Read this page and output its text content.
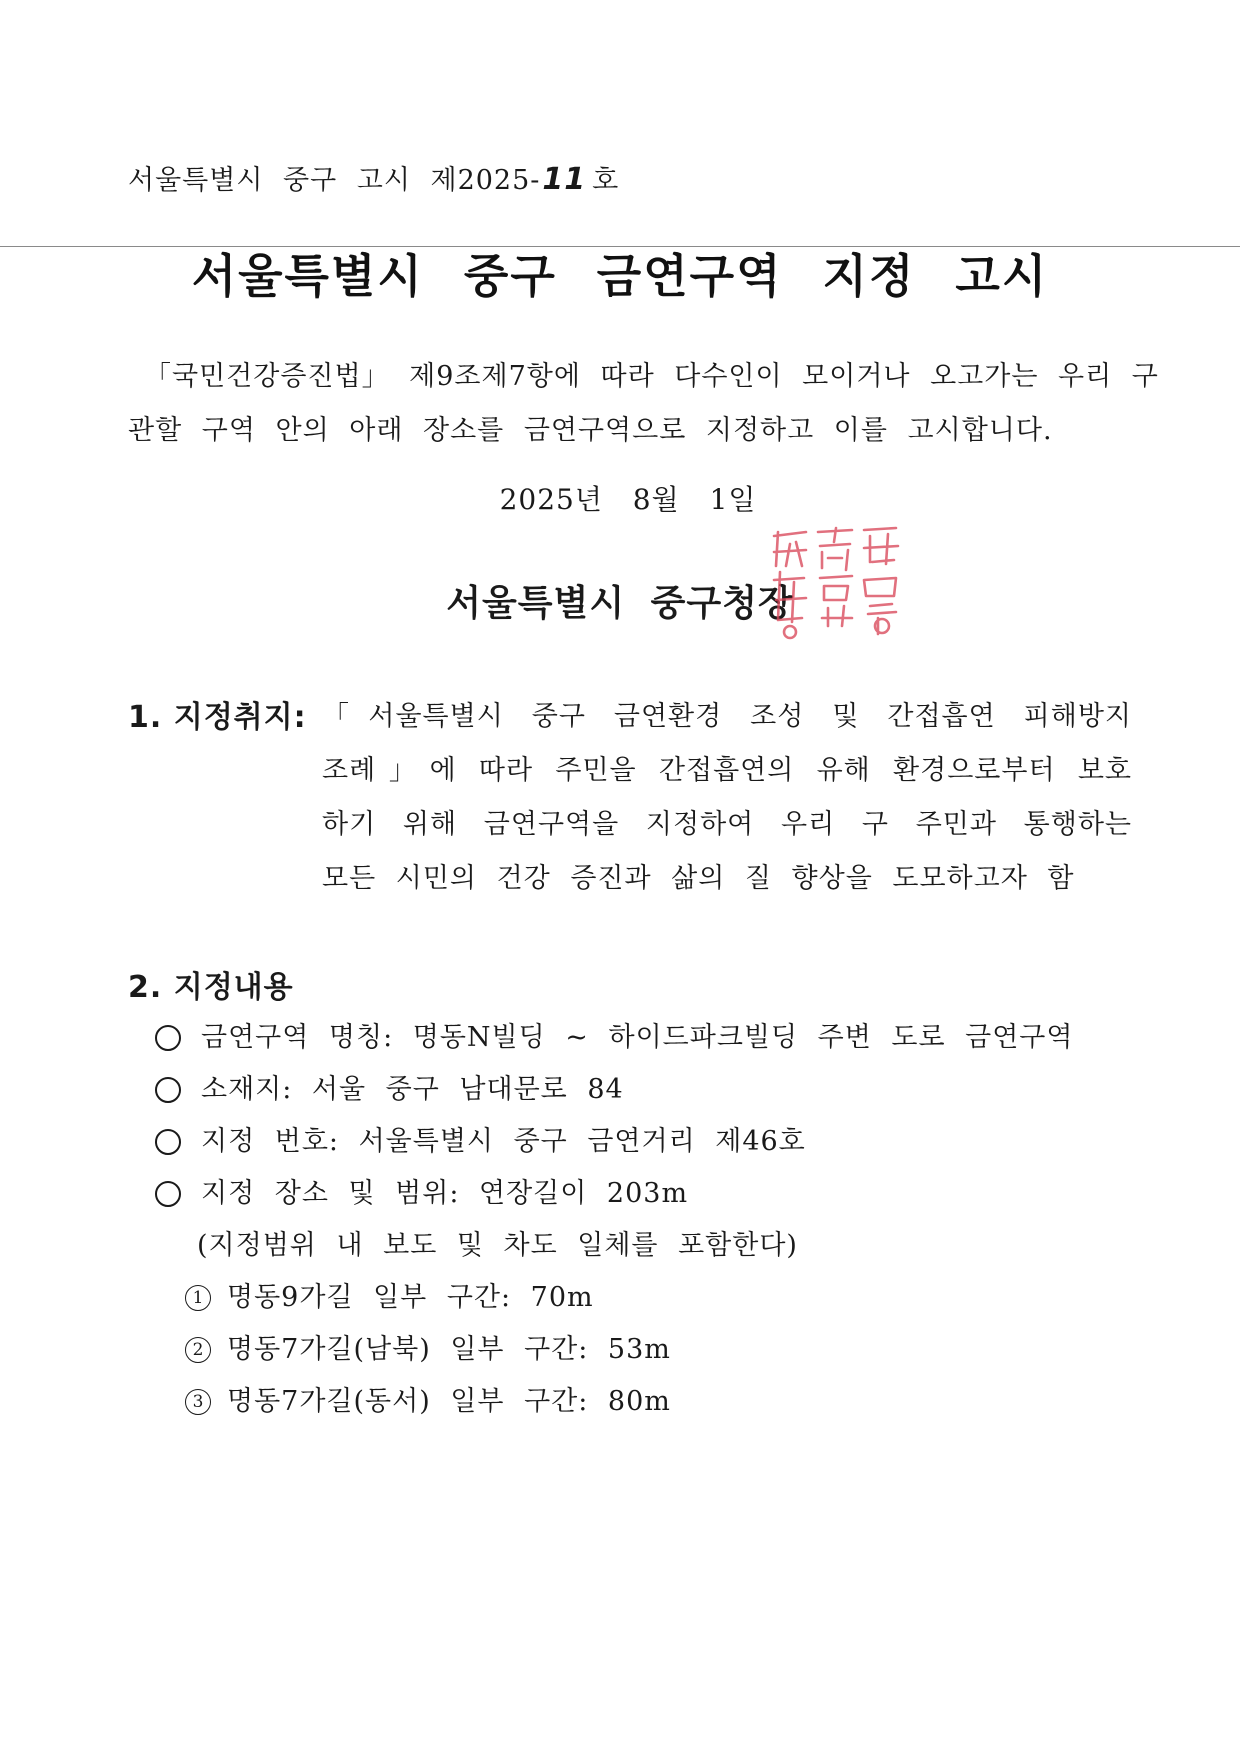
서울특별시 중구 고시 제2025-11 호
서울특별시 중구 금연구역 지정 고시

「국민건강증진법」 제9조제7항에 따라 다수인이 모이거나 오고가는 우리 구

관할 구역 안의 아래 장소를 금연구역으로 지정하고 이를 고시합니다.

2025년 8월 1일
서울특별시 중구청장
1. 지정취지: 「서울특별시 중구 금연환경 조성 및 간접흡연 피해방지

조례」에 따라 주민을 간접흡연의 유해 환경으로부터 보호

하기 위해 금연구역을 지정하여 우리 구 주민과 통행하는

모든 시민의 건강 증진과 삶의 질 향상을 도모하고자 함

2. 지정내용
금연구역 명칭: 명동N빌딩 ~ 하이드파크빌딩 주변 도로 금연구역
소재지: 서울 중구 남대문로 84
지정 번호: 서울특별시 중구 금연거리 제46호
지정 장소 및 범위: 연장길이 203m
(지정범위 내 보도 및 차도 일체를 포함한다)
1 명동9가길 일부 구간: 70m
2 명동7가길(남북) 일부 구간: 53m
3 명동7가길(동서) 일부 구간: 80m
